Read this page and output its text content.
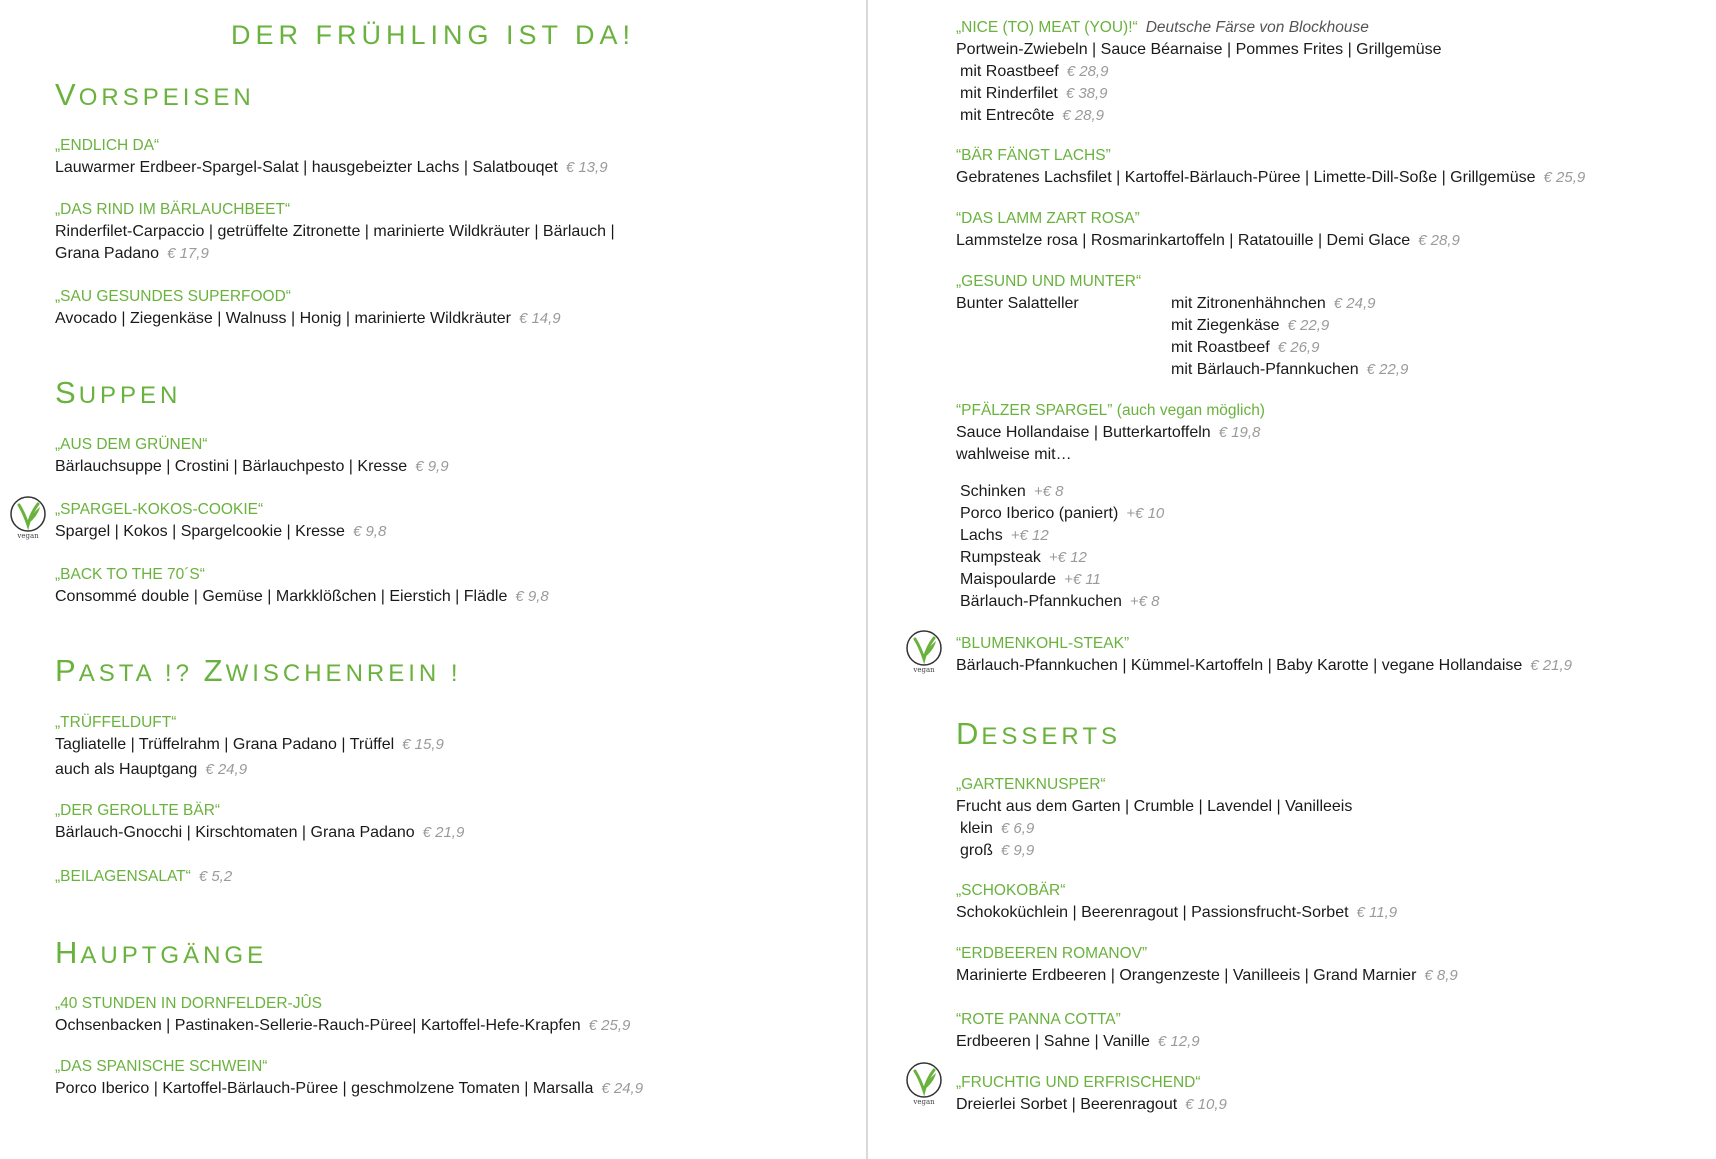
DER FRÜHLING IST DA!
VORSPEISEN
„ENDLICH DA“
Lauwarmer Erdbeer-Spargel-Salat | hausgebeizter Lachs | Salatbouqet € 13,9
„DAS RIND IM BÄRLAUCHBEET“
Rinderfilet-Carpaccio | getrüffelte Zitronette | marinierte Wildkräuter | Bärlauch |
Grana Padano € 17,9
„SAU GESUNDES SUPERFOOD“
Avocado | Ziegenkäse | Walnuss | Honig | marinierte Wildkräuter € 14,9
SUPPEN
„AUS DEM GRÜNEN“
Bärlauchsuppe | Crostini | Bärlauchpesto | Kresse € 9,9
vegan
„SPARGEL-KOKOS-COOKIE“
Spargel | Kokos | Spargelcookie | Kresse € 9,8
„BACK TO THE 70´S“
Consommé double | Gemüse | Markklößchen | Eierstich | Flädle € 9,8
PASTA !? ZWISCHENREIN !
„TRÜFFELDUFT“
Tagliatelle | Trüffelrahm | Grana Padano | Trüffel € 15,9
auch als Hauptgang € 24,9
„DER GEROLLTE BÄR“
Bärlauch-Gnocchi | Kirschtomaten | Grana Padano € 21,9
„BEILAGENSALAT“ € 5,2
HAUPTGÄNGE
„40 STUNDEN IN DORNFELDER-JÛS
Ochsenbacken | Pastinaken-Sellerie-Rauch-Püree| Kartoffel-Hefe-Krapfen € 25,9
„DAS SPANISCHE SCHWEIN“
Porco Iberico | Kartoffel-Bärlauch-Püree | geschmolzene Tomaten | Marsalla € 24,9
„NICE (TO) MEAT (YOU)!“ Deutsche Färse von Blockhouse
Portwein-Zwiebeln | Sauce Béarnaise | Pommes Frites | Grillgemüse
mit Roastbeef € 28,9
mit Rinderfilet € 38,9
mit Entrecôte € 28,9
“BÄR FÄNGT LACHS”
Gebratenes Lachsfilet | Kartoffel-Bärlauch-Püree | Limette-Dill-Soße | Grillgemüse € 25,9
“DAS LAMM ZART ROSA”
Lammstelze rosa | Rosmarinkartoffeln | Ratatouille | Demi Glace € 28,9
„GESUND UND MUNTER“
Bunter Salatteller	mit Zitronenhähnchen € 24,9
mit Ziegenkäse € 22,9
mit Roastbeef € 26,9
mit Bärlauch-Pfannkuchen € 22,9
“PFÄLZER SPARGEL” (auch vegan möglich)
Sauce Hollandaise | Butterkartoffeln € 19,8
wahlweise mit…
Schinken +€ 8
Porco Iberico (paniert) +€ 10
Lachs +€ 12
Rumpsteak +€ 12
Maispoularde +€ 11
Bärlauch-Pfannkuchen +€ 8
vegan
“BLUMENKOHL-STEAK”
Bärlauch-Pfannkuchen | Kümmel-Kartoffeln | Baby Karotte | vegane Hollandaise € 21,9
DESSERTS
„GARTENKNUSPER“
Frucht aus dem Garten | Crumble | Lavendel | Vanilleeis
klein € 6,9
groß € 9,9
„SCHOKOBÄR“
Schokoküchlein | Beerenragout | Passionsfrucht-Sorbet € 11,9
“ERDBEEREN ROMANOV”
Marinierte Erdbeeren | Orangenzeste | Vanilleeis | Grand Marnier € 8,9
“ROTE PANNA COTTA”
Erdbeeren | Sahne | Vanille € 12,9
vegan
„FRUCHTIG UND ERFRISCHEND“
Dreierlei Sorbet | Beerenragout € 10,9
